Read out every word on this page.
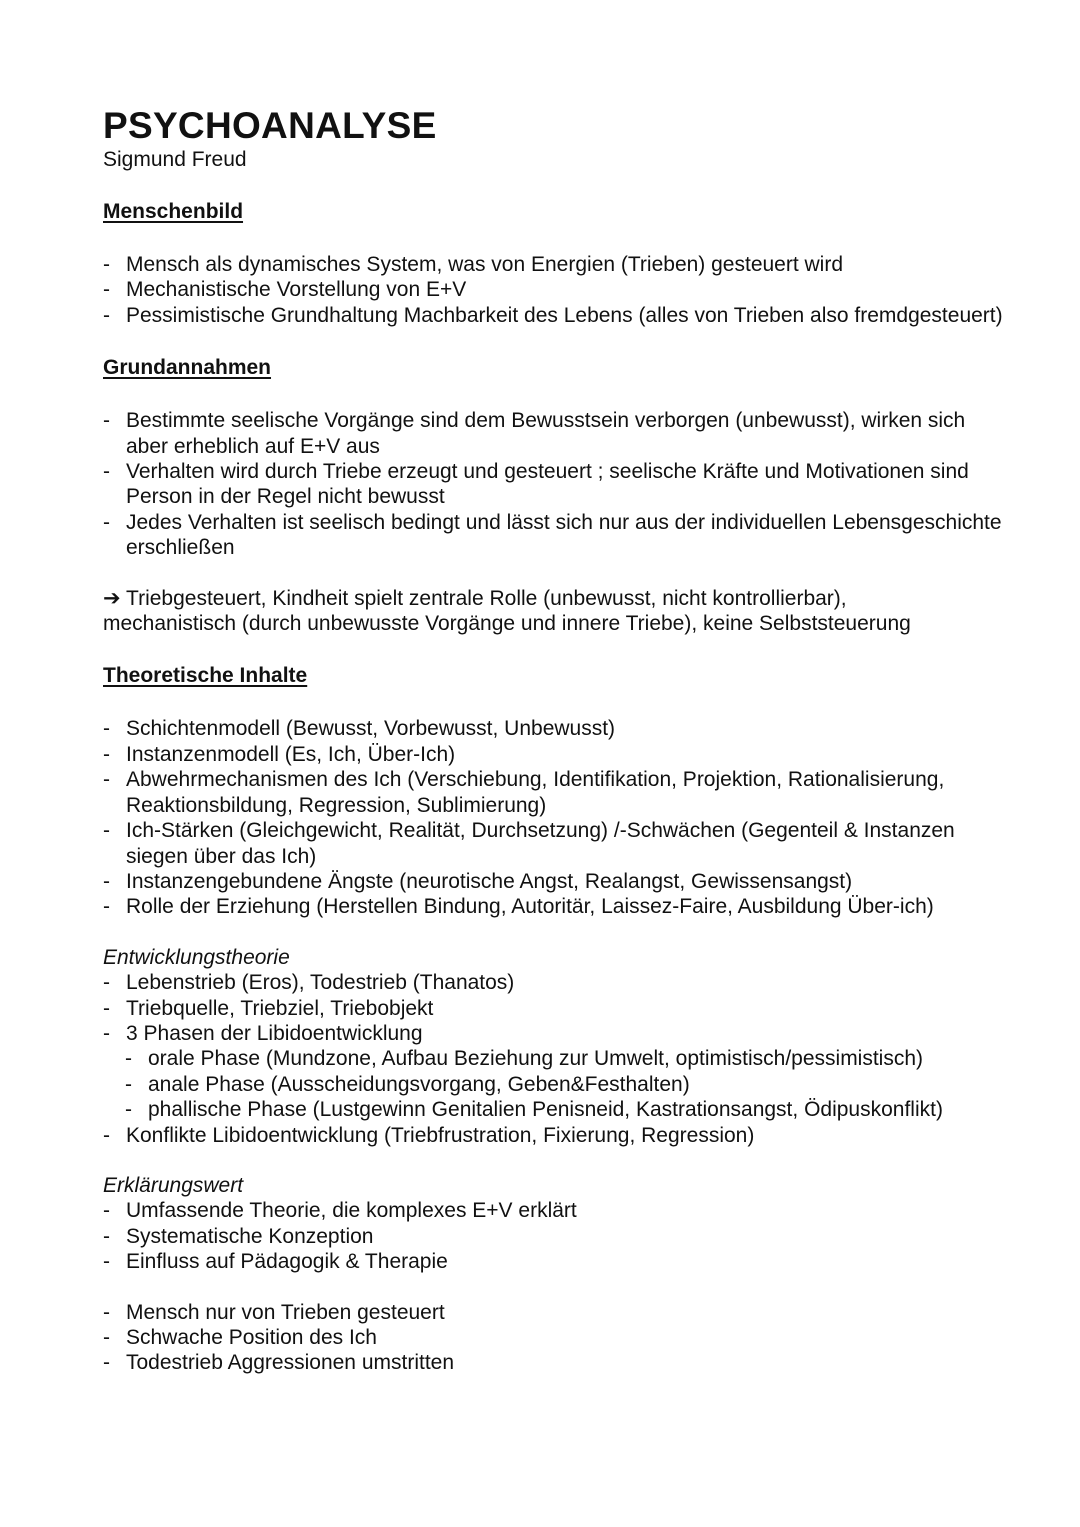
PSYCHOANALYSE
Sigmund Freud
Menschenbild
- Mensch als dynamisches System, was von Energien (Trieben) gesteuert wird
- Mechanistische Vorstellung von E+V
- Pessimistische Grundhaltung Machbarkeit des Lebens (alles von Trieben also fremdgesteuert)
Grundannahmen
- Bestimmte seelische Vorgänge sind dem Bewusstsein verborgen (unbewusst), wirken sich aber erheblich auf E+V aus
- Verhalten wird durch Triebe erzeugt und gesteuert ; seelische Kräfte und Motivationen sind Person in der Regel nicht bewusst
- Jedes Verhalten ist seelisch bedingt und lässt sich nur aus der individuellen Lebensgeschichte erschließen

➔ Triebgesteuert, Kindheit spielt zentrale Rolle (unbewusst, nicht kontrollierbar), mechanistisch (durch unbewusste Vorgänge und innere Triebe), keine Selbststeuerung

Theoretische Inhalte
- Schichtenmodell (Bewusst, Vorbewusst, Unbewusst)
- Instanzenmodell (Es, Ich, Über-Ich)
- Abwehrmechanismen des Ich (Verschiebung, Identifikation, Projektion, Rationalisierung, Reaktionsbildung, Regression, Sublimierung)
- Ich-Stärken (Gleichgewicht, Realität, Durchsetzung) /-Schwächen (Gegenteil & Instanzen siegen über das Ich)
- Instanzengebundene Ängste (neurotische Angst, Realangst, Gewissensangst)
- Rolle der Erziehung (Herstellen Bindung, Autoritär, Laissez-Faire, Ausbildung Über-ich)
Entwicklungstheorie
- Lebenstrieb (Eros), Todestrieb (Thanatos)
- Triebquelle, Triebziel, Triebobjekt
- 3 Phasen der Libidoentwicklung
- orale Phase (Mundzone, Aufbau Beziehung zur Umwelt, optimistisch/pessimistisch)
- anale Phase (Ausscheidungsvorgang, Geben&Festhalten)
- phallische Phase (Lustgewinn Genitalien Penisneid, Kastrationsangst, Ödipuskonflikt)
- Konflikte Libidoentwicklung (Triebfrustration, Fixierung, Regression)
Erklärungswert
- Umfassende Theorie, die komplexes E+V erklärt
- Systematische Konzeption
- Einfluss auf Pädagogik & Therapie
- Mensch nur von Trieben gesteuert
- Schwache Position des Ich
- Todestrieb Aggressionen umstritten
